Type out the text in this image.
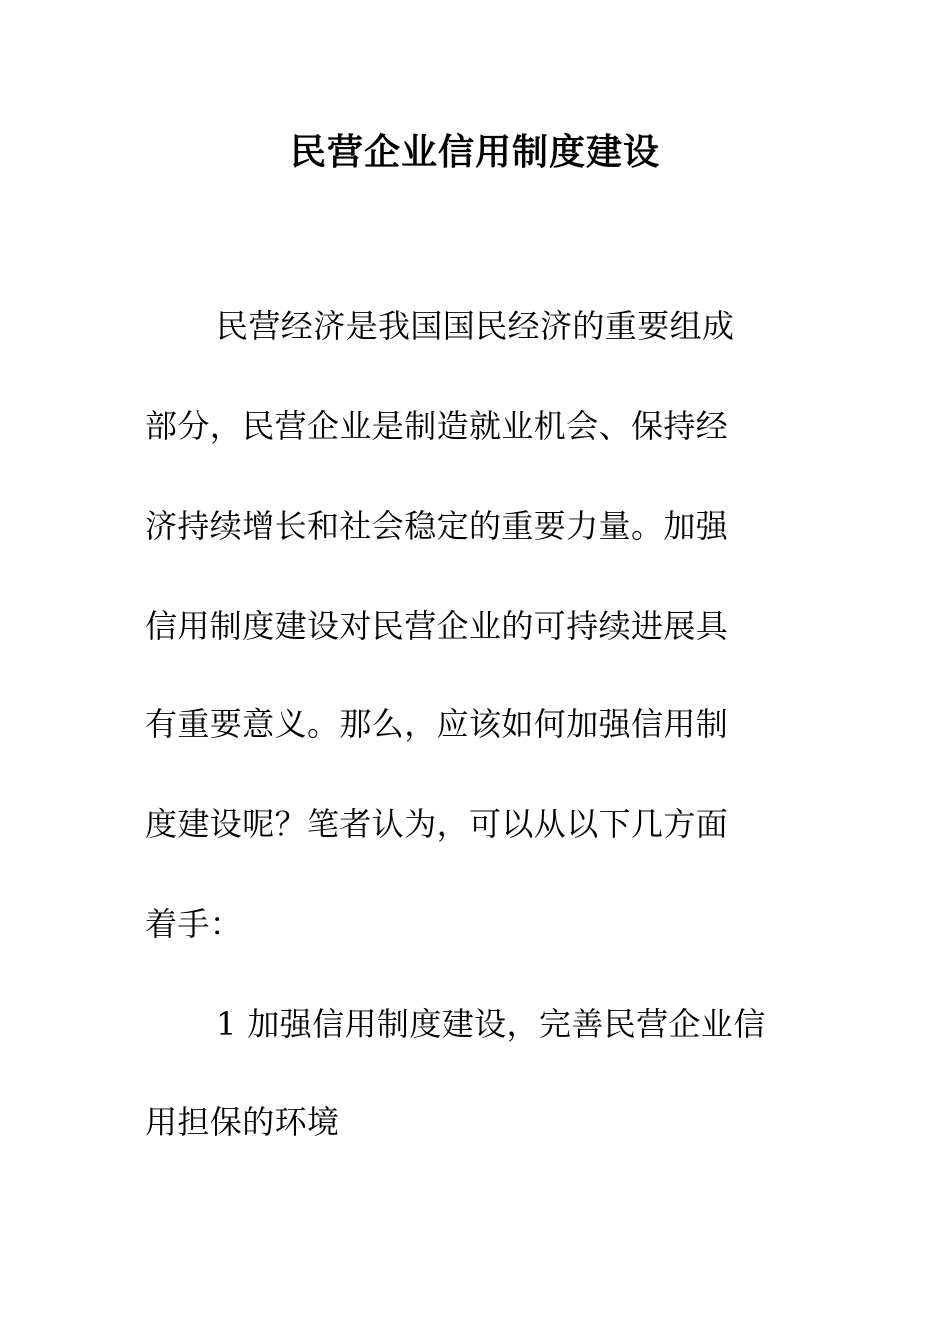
民营企业信用制度建设
民营经济是我国国民经济的重要组成
部分，民营企业是制造就业机会、保持经
济持续增长和社会稳定的重要力量。加强
信用制度建设对民营企业的可持续进展具
有重要意义。那么，应该如何加强信用制
度建设呢？笔者认为，可以从以下几方面
着手：
1 加强信用制度建设，完善民营企业信
用担保的环境
